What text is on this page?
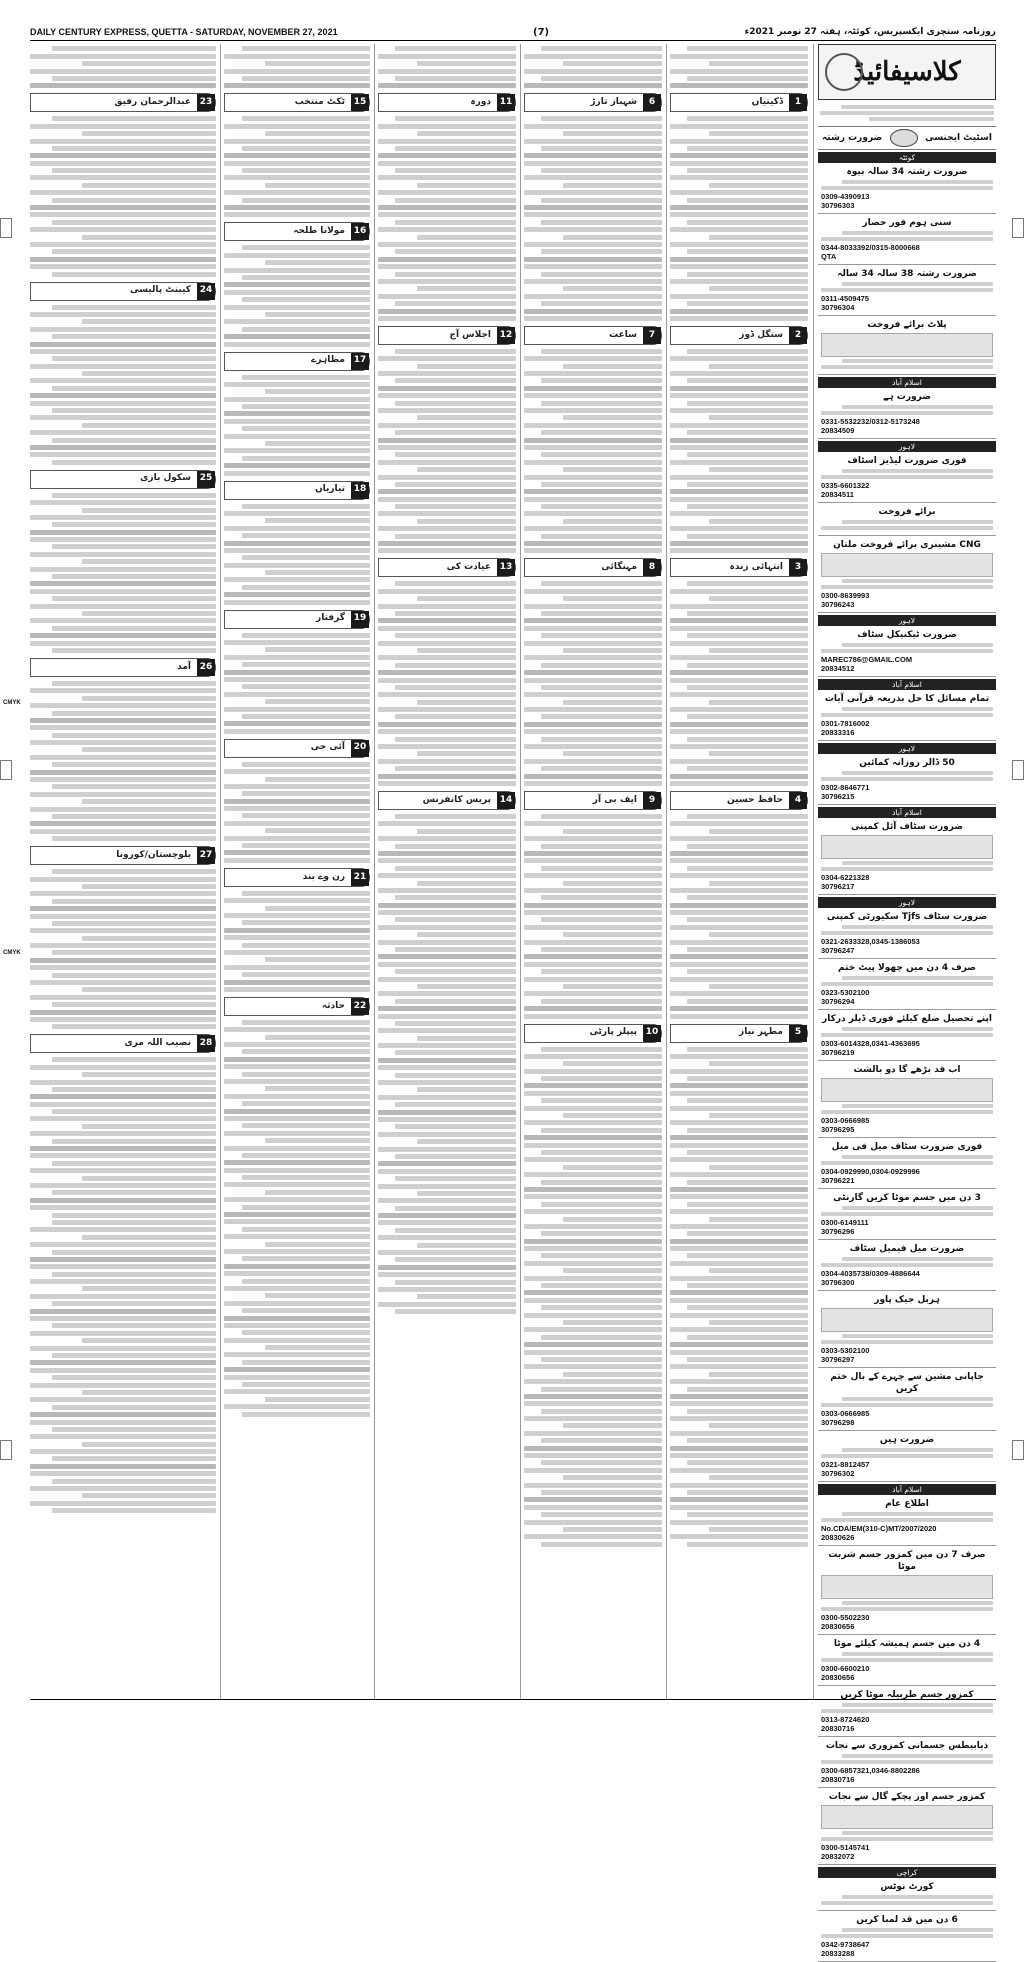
CMYK
CMYK
DAILY CENTURY EXPRESS, QUETTA - SATURDAY, NOVEMBER 27, 2021	(7)	روزنامہ سنچری ایکسپریس، کوئٹہ، ہفتہ 27 نومبر 2021ء
کلاسیفائیڈ
اسٹیٹ ایجنسی
ضرورت رشتہ
کوئٹہ
ضرورت رشتہ 34 سالہ بیوہ
0309-4390913
30796303
سنی ہوم فور حصار
0344-8033392/0315-8000668
QTA
ضرورت رشتہ 38 سالہ 34 سالہ
0311-4509475
30796304
پلاٹ برائے فروخت
اسلام آباد
ضرورت ہے
0331-5532232/0312-5173248
20834509
لاہور
فوری ضرورت لیڈیز اسٹاف
0335-6601322
20834511
برائے فروخت
CNG مشینری برائے فروخت ملتان
0300-8639993
30796243
لاہور
ضرورت ٹیکنیکل سٹاف
MAREC786@GMAIL.COM
20834512
اسلام آباد
تمام مسائل کا حل بذریعہ قرآنی آیات
0301-7816002
20833316
لاہور
50 ڈالر روزانہ کمائیں
0302-8646771
30796215
اسلام آباد
ضرورت سٹاف آئل کمپنی
0304-6221328
30796217
لاہور
ضرورت سٹاف Tjfs سکیورٹی کمپنی
0321-2633328,0345-1386053
30796247
صرف 4 دن میں چھولا پیٹ ختم
0323-5302100
30796294
اپنے تحصیل ضلع کیلئے فوری ڈیلر درکار
0303-6014328,0341-4363695
30796219
اب قد بڑھے گا دو بالشت
0303-0666985
30796295
فوری ضرورت سٹاف میل فی میل
0304-0929990,0304-0929996
30796221
3 دن میں جسم موٹا کریں گارنٹی
0300-6149111
30796296
ضرورت میل فیمیل سٹاف
0304-4035738/0309-4886644
30796300
ہربل جیک پاور
0303-5302100
30796297
جاپانی مشین سے چہرے کے بال ختم کریں
0303-0666985
30796298
ضرورت ہیں
0321-8812457
30796302
اسلام آباد
اطلاع عام
No.CDA/EM(310-C)MT/2007/2020
20830626
صرف 7 دن میں کمزور جسم شربت موٹا
0300-5502230
20830656
4 دن میں جسم ہمیشہ کیلئے موٹا
0300-6600210
20830656
کمزور جسم طربیلہ موٹا کریں
0313-8724620
20830716
ذیابیطس جسمانی کمزوری سے نجات
0300-6857321,0346-8802286
20830716
کمزور جسم اور پچکے گال سے نجات
0300-5145741
20832072
کراچی
کورٹ نوٹس
6 دن میں قد لمبا کریں
0342-9738647
20833288
1
ڈکیتیاں
2
سنگل ڈوز
3
انتہائی زندہ
4
حافظ حسین
5
مطہر نیاز
6
شہباز تارڑ
7
ساعت
8
مہنگائی
9
ایف بی آر
10
پیپلز پارٹی
11
دورہ
12
اجلاس آج
13
عیادت کی
14
پریس کانفرنس
15
ٹکٹ منتخب
16
مولانا طلحہ
17
مظاہرے
18
تیاریاں
19
گرفتار
20
آئی جی
21
رن وے بند
22
حادثہ
23
عبدالرحمان رفیق
24
کیبنٹ پالیسی
25
سکول بازی
26
آمد
27
بلوچستان/کورونا
28
نصیب اللہ مری
